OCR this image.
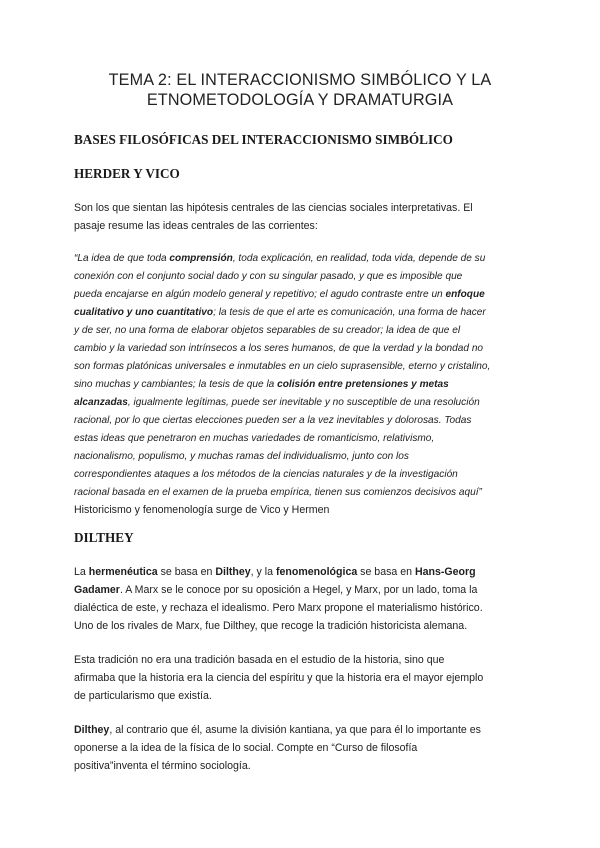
TEMA 2: EL INTERACCIONISMO SIMBÓLICO Y LA
ETNOMETODOLOGÍA Y DRAMATURGIA
BASES FILOSÓFICAS DEL INTERACCIONISMO SIMBÓLICO
HERDER Y VICO
Son los que sientan las hipótesis centrales de las ciencias sociales interpretativas. El
pasaje resume las ideas centrales de las corrientes:
“La idea de que toda comprensión, toda explicación, en realidad, toda vida, depende de su
conexión con el conjunto social dado y con su singular pasado, y que es imposible que
pueda encajarse en algún modelo general y repetitivo; el agudo contraste entre un enfoque
cualitativo y uno cuantitativo; la tesis de que el arte es comunicación, una forma de hacer
y de ser, no una forma de elaborar objetos separables de su creador; la idea de que el
cambio y la variedad son intrínsecos a los seres humanos, de que la verdad y la bondad no
son formas platónicas universales e inmutables en un cielo suprasensible, eterno y cristalino,
sino muchas y cambiantes; la tesis de que la colisión entre pretensiones y metas
alcanzadas, igualmente legítimas, puede ser inevitable y no susceptible de una resolución
racional, por lo que ciertas elecciones pueden ser a la vez inevitables y dolorosas. Todas
estas ideas que penetraron en muchas variedades de romanticismo, relativismo,
nacionalismo, populismo, y muchas ramas del individualismo, junto con los
correspondientes ataques a los métodos de la ciencias naturales y de la investigación
racional basada en el examen de la prueba empírica, tienen sus comienzos decisivos aquí”
Historicismo y fenomenología surge de Vico y Hermen
DILTHEY
La hermenéutica se basa en Dilthey, y la fenomenológica se basa en Hans-Georg
Gadamer. A Marx se le conoce por su oposición a Hegel, y Marx, por un lado, toma la
dialéctica de este, y rechaza el idealismo. Pero Marx propone el materialismo histórico.
Uno de los rivales de Marx, fue Dilthey, que recoge la tradición historicista alemana.
Esta tradición no era una tradición basada en el estudio de la historia, sino que
afirmaba que la historia era la ciencia del espíritu y que la historia era el mayor ejemplo
de particularismo que existía.
Dilthey, al contrario que él, asume la división kantiana, ya que para él lo importante es
oponerse a la idea de la física de lo social. Compte en “Curso de filosofía
positiva”inventa el término sociología.
